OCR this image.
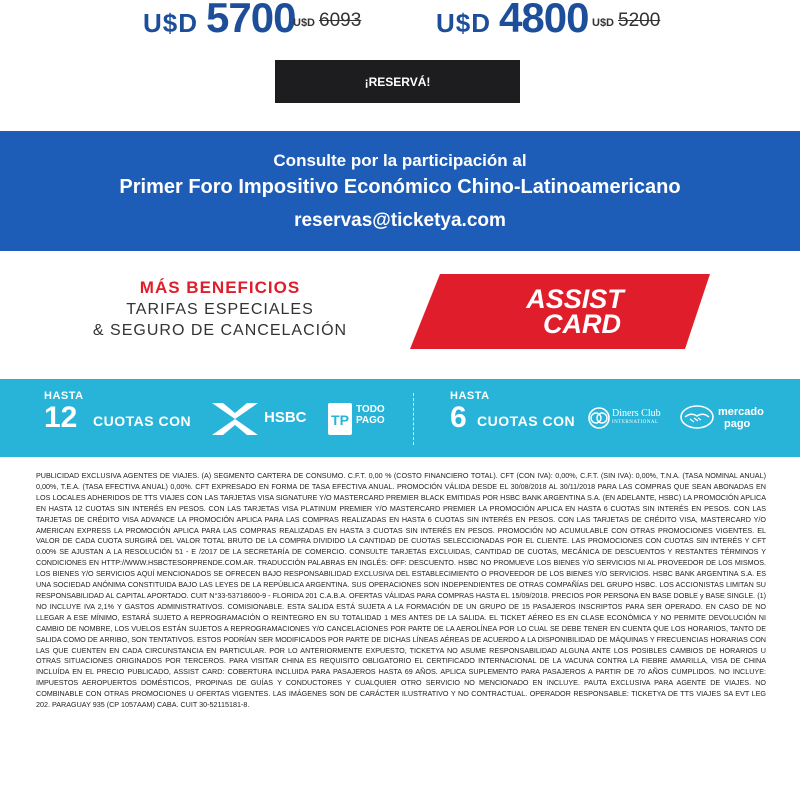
U$D 5700
U$D 6093	U$D 4800 U$D 5200
¡RESERVÁ!
Consulte por la participación al
Primer Foro Impositivo Económico Chino-Latinoamericano
reservas@ticketya.com
MÁS BENEFICIOS
TARIFAS ESPECIALES
& SEGURO DE CANCELACIÓN
ASSIST
CARD
HASTA
12 CUOTAS CON	HSBC TP
TODO
PAGO
HASTA
6 CUOTAS CON	Diners Club
INTERNATIONAL
mercado
pago
PUBLICIDAD EXCLUSIVA AGENTES DE VIAJES. (A) SEGMENTO CARTERA DE CONSUMO. C.F.T. 0,00 % (COSTO FINANCIERO TOTAL). CFT (CON IVA): 0,00%, C.F.T. (SIN IVA): 0,00%, T.N.A. (TASA NOMINAL ANUAL) 0,00%, T.E.A. (TASA EFECTIVA ANUAL) 0,00%. CFT EXPRESADO EN FORMA DE TASA EFECTIVA ANUAL. PROMOCIÓN VÁLIDA DESDE EL 30/08/2018 AL 30/11/2018 PARA LAS COMPRAS QUE SEAN ABONADAS EN LOS LOCALES ADHERIDOS DE TTS VIAJES CON LAS TARJETAS VISA SIGNATURE Y/O MASTERCARD PREMIER BLACK EMITIDAS POR HSBC BANK ARGENTINA S.A. (EN ADELANTE, HSBC) LA PROMOCIÓN APLICA EN HASTA 12 CUOTAS SIN INTERÉS EN PESOS. CON LAS TARJETAS VISA PLATINUM PREMIER Y/O MASTERCARD PREMIER LA PROMOCIÓN APLICA EN HASTA 6 CUOTAS SIN INTERÉS EN PESOS. CON LAS TARJETAS DE CRÉDITO VISA ADVANCE LA PROMOCIÓN APLICA PARA LAS COMPRAS REALIZADAS EN HASTA 6 CUOTAS SIN INTERÉS EN PESOS. CON LAS TARJETAS DE CRÉDITO VISA, MASTERCARD Y/O AMERICAN EXPRESS LA PROMOCIÓN APLICA PARA LAS COMPRAS REALIZADAS EN HASTA 3 CUOTAS SIN INTERÉS EN PESOS. PROMOCIÓN NO ACUMULABLE CON OTRAS PROMOCIONES VIGENTES. EL VALOR DE CADA CUOTA SURGIRÁ DEL VALOR TOTAL BRUTO DE LA COMPRA DIVIDIDO LA CANTIDAD DE CUOTAS SELECCIONADAS POR EL CLIENTE. LAS PROMOCIONES CON CUOTAS SIN INTERÉS Y CFT 0.00% SE AJUSTAN A LA RESOLUCIÓN 51 - E /2017 DE LA SECRETARÍA DE COMERCIO. CONSULTE TARJETAS EXCLUIDAS, CANTIDAD DE CUOTAS, MECÁNICA DE DESCUENTOS Y RESTANTES TÉRMINOS Y CONDICIONES EN HTTP://WWW.HSBCTESORPRENDE.COM.AR. TRADUCCIÓN PALABRAS EN INGLÉS: OFF: DESCUENTO. HSBC NO PROMUEVE LOS BIENES Y/O SERVICIOS NI AL PROVEEDOR DE LOS MISMOS. LOS BIENES Y/O SERVICIOS AQUÍ MENCIONADOS SE OFRECEN BAJO RESPONSABILIDAD EXCLUSIVA DEL ESTABLECIMIENTO O PROVEEDOR DE LOS BIENES Y/O SERVICIOS. HSBC BANK ARGENTINA S.A. ES UNA SOCIEDAD ANÓNIMA CONSTITUIDA BAJO LAS LEYES DE LA REPÚBLICA ARGENTINA. SUS OPERACIONES SON INDEPENDIENTES DE OTRAS COMPAÑÍAS DEL GRUPO HSBC. LOS ACCIONISTAS LIMITAN SU RESPONSABILIDAD AL CAPITAL APORTADO. CUIT N°33-53718600-9 - FLORIDA 201 C.A.B.A. OFERTAS VÁLIDAS PARA COMPRAS HASTA EL 15/09/2018. PRECIOS POR PERSONA EN BASE DOBLE y BASE SINGLE. (1) NO INCLUYE IVA 2,1% Y GASTOS ADMINISTRATIVOS. COMISIONABLE. ESTA SALIDA ESTÁ SUJETA A LA FORMACIÓN DE UN GRUPO DE 15 PASAJEROS INSCRIPTOS PARA SER OPERADO. EN CASO DE NO LLEGAR A ESE MÍNIMO, ESTARÁ SUJETO A REPROGRAMACIÓN O REINTEGRO EN SU TOTALIDAD 1 MES ANTES DE LA SALIDA. EL TICKET AÉREO ES EN CLASE ECONÓMICA Y NO PERMITE DEVOLUCIÓN NI CAMBIO DE NOMBRE, LOS VUELOS ESTÁN SUJETOS A REPROGRAMACIONES Y/O CANCELACIONES POR PARTE DE LA AEROLÍNEA POR LO CUAL SE DEBE TENER EN CUENTA QUE LOS HORARIOS, TANTO DE SALIDA COMO DE ARRIBO, SON TENTATIVOS. ESTOS PODRÍAN SER MODIFICADOS POR PARTE DE DICHAS LÍNEAS AÉREAS DE ACUERDO A LA DISPONIBILIDAD DE MÁQUINAS Y FRECUENCIAS HORARIAS CON LAS QUE CUENTEN EN CADA CIRCUNSTANCIA EN PARTICULAR. POR LO ANTERIORMENTE EXPUESTO, TICKETYA NO ASUME RESPONSABILIDAD ALGUNA ANTE LOS POSIBLES CAMBIOS DE HORARIOS U OTRAS SITUACIONES ORIGINADOS POR TERCEROS. PARA VISITAR CHINA ES REQUISITO OBLIGATORIO EL CERTIFICADO INTERNACIONAL DE LA VACUNA CONTRA LA FIEBRE AMARILLA, VISA DE CHINA INCLUÍDA EN EL PRECIO PUBLICADO, ASSIST CARD: COBERTURA INCLUIDA PARA PASAJEROS HASTA 69 AÑOS. APLICA SUPLEMENTO PARA PASAJEROS A PARTIR DE 70 AÑOS CUMPLIDOS. NO INCLUYE: IMPUESTOS AEROPUERTOS DOMÉSTICOS, PROPINAS DE GUÍAS Y CONDUCTORES Y CUALQUIER OTRO SERVICIO NO MENCIONADO EN INCLUYE. PAUTA EXCLUSIVA PARA AGENTE DE VIAJES. NO COMBINABLE CON OTRAS PROMOCIONES U OFERTAS VIGENTES. LAS IMÁGENES SON DE CARÁCTER ILUSTRATIVO Y NO CONTRACTUAL. OPERADOR RESPONSABLE: TICKETYA DE TTS VIAJES SA EVT LEG 202. PARAGUAY 935 (CP 1057AAM) CABA. CUIT 30-52115181-8.
